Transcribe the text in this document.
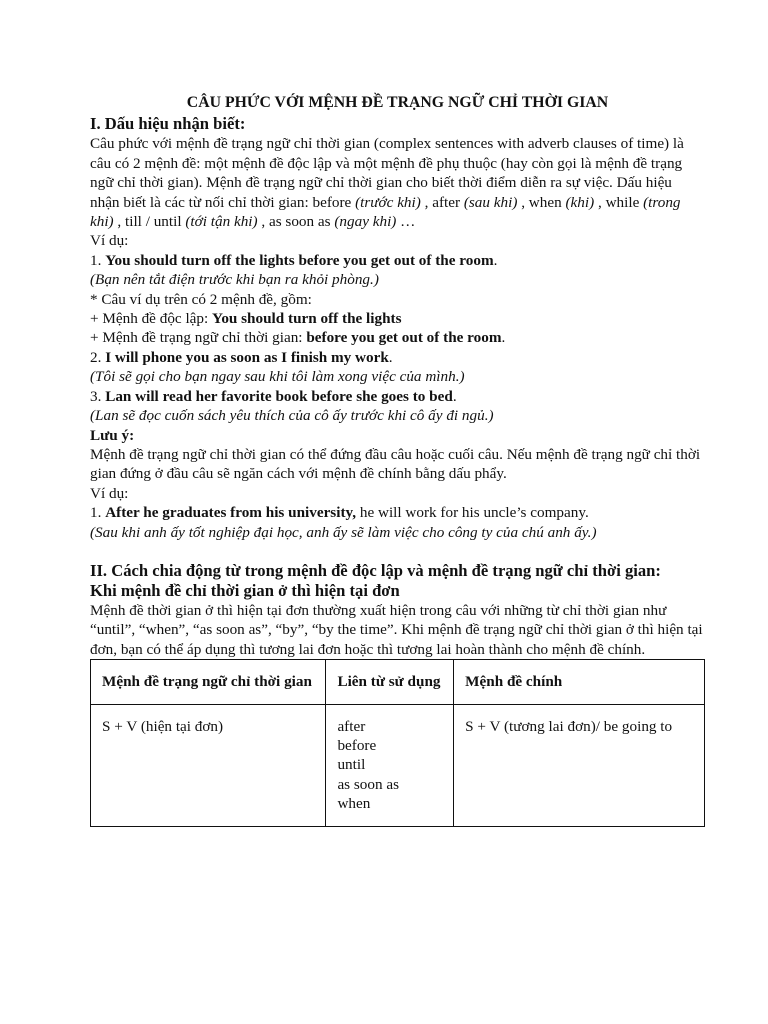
CÂU PHỨC VỚI MỆNH ĐỀ TRẠNG NGỮ CHỈ THỜI GIAN

I. Dấu hiệu nhận biết:

Câu phức với mệnh đề trạng ngữ chỉ thời gian (complex sentences with adverb clauses of time) là câu có 2 mệnh đề: một mệnh đề độc lập và một mệnh đề phụ thuộc (hay còn gọi là mệnh đề trạng ngữ chỉ thời gian). Mệnh đề trạng ngữ chỉ thời gian cho biết thời điểm diễn ra sự việc. Dấu hiệu nhận biết là các từ nối chỉ thời gian: before (trước khi) , after (sau khi) , when (khi) , while (trong khi) , till / until (tới tận khi) , as soon as (ngay khi) …

Ví dụ:

1. You should turn off the lights before you get out of the room.

(Bạn nên tắt điện trước khi bạn ra khỏi phòng.)

* Câu ví dụ trên có 2 mệnh đề, gồm:

+ Mệnh đề độc lập: You should turn off the lights

+ Mệnh đề trạng ngữ chỉ thời gian: before you get out of the room.

2. I will phone you as soon as I finish my work.

(Tôi sẽ gọi cho bạn ngay sau khi tôi làm xong việc của mình.)

3. Lan will read her favorite book before she goes to bed.

(Lan sẽ đọc cuốn sách yêu thích của cô ấy trước khi cô ấy đi ngủ.)

Lưu ý:

Mệnh đề trạng ngữ chỉ thời gian có thể đứng đầu câu hoặc cuối câu. Nếu mệnh đề trạng ngữ chỉ thời gian đứng ở đầu câu sẽ ngăn cách với mệnh đề chính bằng dấu phẩy.

Ví dụ:

1. After he graduates from his university, he will work for his uncle’s company.

(Sau khi anh ấy tốt nghiệp đại học, anh ấy sẽ làm việc cho công ty của chú anh ấy.)

II. Cách chia động từ trong mệnh đề độc lập và mệnh đề trạng ngữ chỉ thời gian:

Khi mệnh đề chỉ thời gian ở thì hiện tại đơn

Mệnh đề thời gian ở thì hiện tại đơn thường xuất hiện trong câu với những từ chỉ thời gian như “until”, “when”, “as soon as”, “by”, “by the time”. Khi mệnh đề trạng ngữ chỉ thời gian ở thì hiện tại đơn, bạn có thể áp dụng thì tương lai đơn hoặc thì tương lai hoàn thành cho mệnh đề chính.

Mệnh đề trạng ngữ chỉ thời gian	Liên từ sử dụng	Mệnh đề chính
S + V (hiện tại đơn)	after
before
until
as soon as
when	S + V (tương lai đơn)/ be going to
